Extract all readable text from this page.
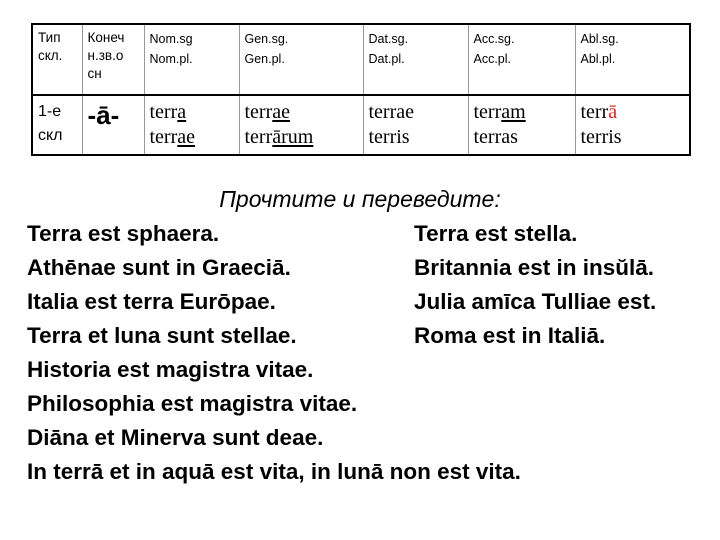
Тип
скл.	Конеч
н.зв.о
сн	Nom.sg
Nom.pl.	Gen.sg.
Gen.pl.	Dat.sg.
Dat.pl.	Acc.sg.
Acc.pl.	Abl.sg.
Abl.pl.

1-е
скл	-ā-	terra
terrae	terrae
terrārum	terrae
terris	terram
terras	terrā
terris
Прочтите и переведите:
Terra est sphaera.	Terra est stella.
Athēnae sunt in Graeciā.	Britannia est in insŭlā.
Italia est terra Eurōpae.	Julia amīca Tulliae est.
Terra et luna sunt stellae.	Roma est in Italiā.
Historia est magistra vitae.
Philosophia est magistra vitae.
Diāna et Minerva sunt deae.
In terrā et in aquā est vita, in lunā non est vita.
